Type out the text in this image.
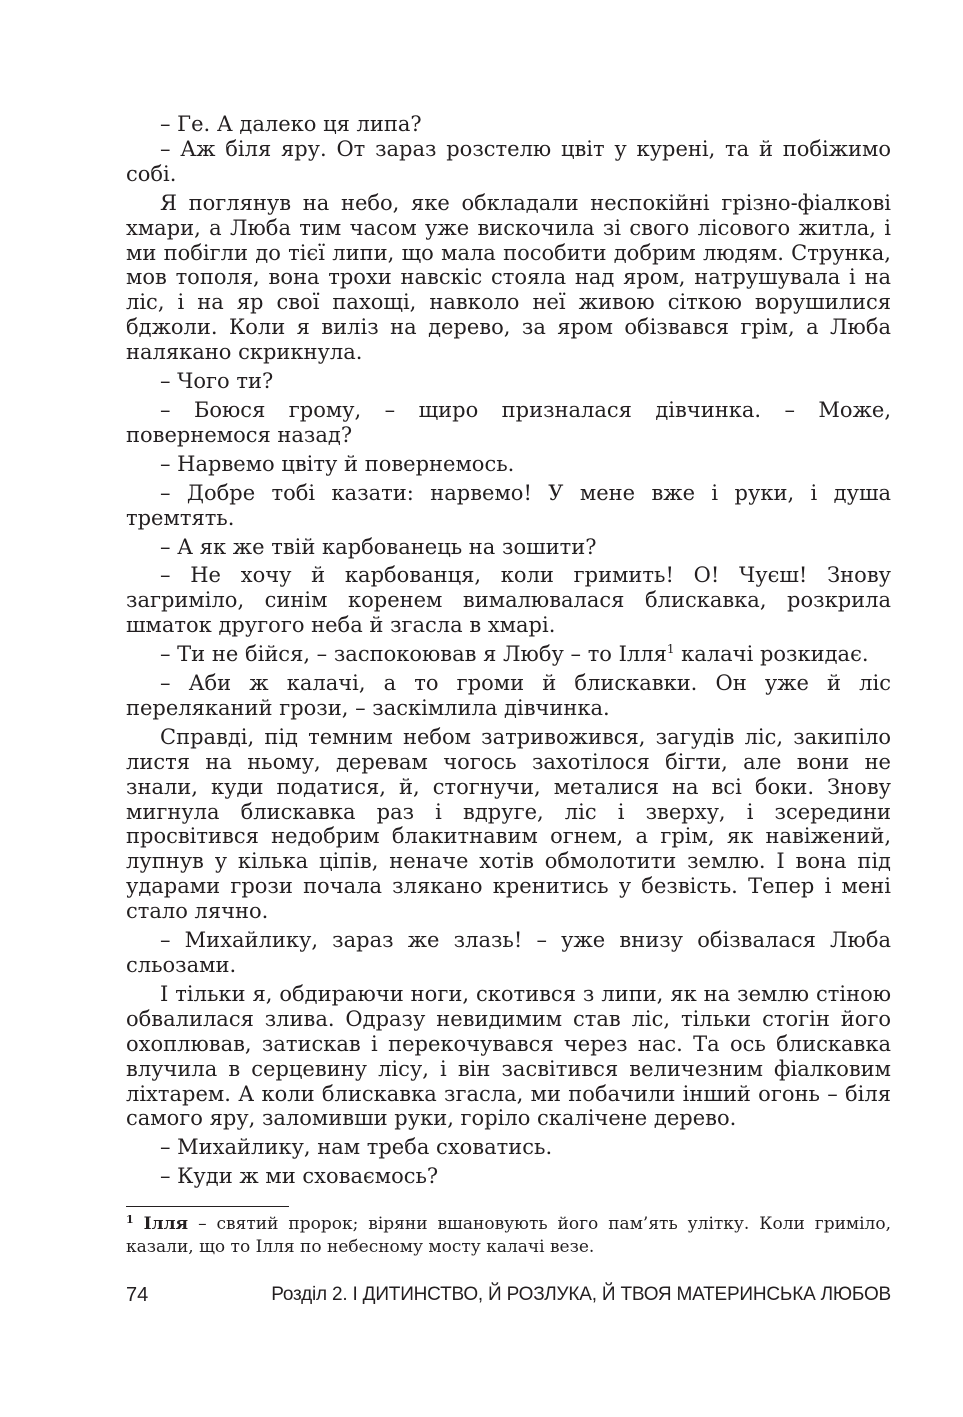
– Ге. А далеко ця липа?

– Аж біля яру. От зараз розстелю цвіт у курені, та й побіжимо собі.

Я поглянув на небо, яке обкладали неспокійні грізно-фіалкові хмари, а Люба тим часом уже вискочила зі свого лісового житла, і ми побігли до тієї липи, що мала пособити добрим людям. Струнка, мов тополя, вона трохи навскіс стояла над яром, натрушувала і на ліс, і на яр свої пахощі, навколо неї живою сіткою ворушилися бджоли. Коли я виліз на дерево, за яром обізвався грім, а Люба налякано скрикнула.

– Чого ти?

– Боюся грому, – щиро призналася дівчинка. – Може, повернемося назад?

– Нарвемо цвіту й повернемось.

– Добре тобі казати: нарвемо! У мене вже і руки, і душа тремтять.

– А як же твій карбованець на зошити?

– Не хочу й карбованця, коли гримить! О! Чуєш! Знову загриміло, синім коренем вималювалася блискавка, розкрила шматок другого неба й згасла в хмарі.

– Ти не бійся, – заспокоював я Любу – то Ілля$^1$ калачі розкидає.

– Аби ж калачі, а то громи й блискавки. Он уже й ліс переляканий грози, – заскімлила дівчинка.

Справді, під темним небом затривожився, загудів ліс, закипіло листя на ньому, деревам чогось захотілося бігти, але вони не знали, куди податися, й, стогнучи, металися на всі боки. Знову мигнула блискавка раз і вдруге, ліс і зверху, і зсередини просвітився недобрим блакитнавим огнем, а грім, як навіжений, лупнув у кілька ціпів, неначе хотів обмолотити землю. І вона під ударами грози почала злякано кренитись у безвість. Тепер і мені стало лячно.

– Михайлику, зараз же злазь! – уже внизу обізвалася Люба сльозами.

І тільки я, обдираючи ноги, скотився з липи, як на землю стіною обвалилася злива. Одразу невидимим став ліс, тільки стогін його охоплював, затискав і перекочувався через нас. Та ось блискавка влучила в серцевину лісу, і він засвітився величезним фіалковим ліхтарем. А коли блискавка згасла, ми побачили інший огонь – біля самого яру, заломивши руки, горіло скалічене дерево.

– Михайлику, нам треба сховатись.

– Куди ж ми сховаємось?

$^1$ Ілля – святий пророк; віряни вшановують його пам’ять улітку. Коли гриміло, казали, що то Ілля по небесному мосту калачі везе.
74	Розділ 2. І ДИТИНСТВО, Й РОЗЛУКА, Й ТВОЯ МАТЕРИНСЬКА ЛЮБОВ
